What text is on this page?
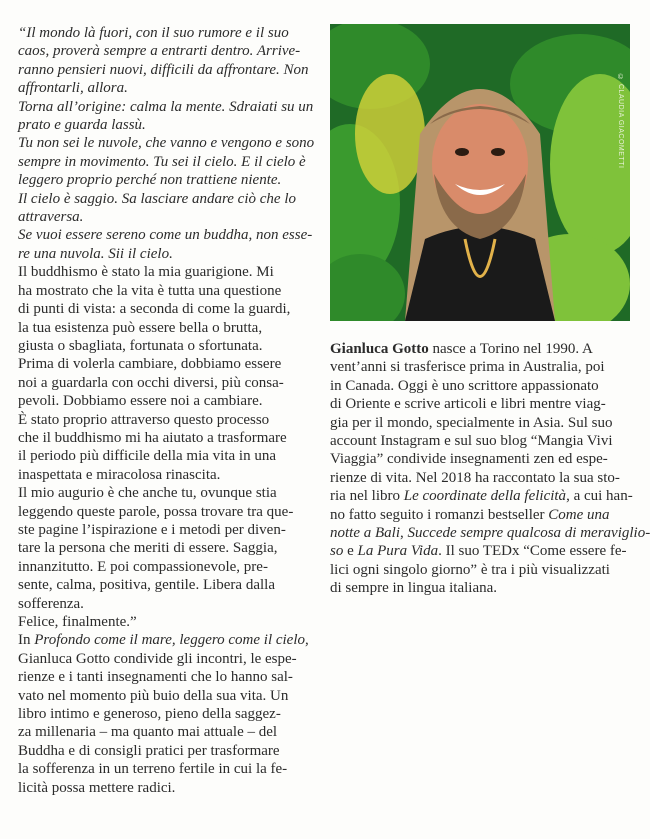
“Il mondo là fuori, con il suo rumore e il suo
caos, proverà sempre a entrarti dentro. Arrive-
ranno pensieri nuovi, difficili da affrontare. Non
affrontarli, allora.
Torna all’origine: calma la mente. Sdraiati su un
prato e guarda lassù.
Tu non sei le nuvole, che vanno e vengono e sono
sempre in movimento. Tu sei il cielo. E il cielo è
leggero proprio perché non trattiene niente.
Il cielo è saggio. Sa lasciare andare ciò che lo
attraversa.
Se vuoi essere sereno come un buddha, non esse-
re una nuvola. Sii il cielo.
Il buddhismo è stato la mia guarigione. Mi
ha mostrato che la vita è tutta una questione
di punti di vista: a seconda di come la guardi,
la tua esistenza può essere bella o brutta,
giusta o sbagliata, fortunata o sfortunata.
Prima di volerla cambiare, dobbiamo essere
noi a guardarla con occhi diversi, più consa-
pevoli. Dobbiamo essere noi a cambiare.
È stato proprio attraverso questo processo
che il buddhismo mi ha aiutato a trasformare
il periodo più difficile della mia vita in una
inaspettata e miracolosa rinascita.
Il mio augurio è che anche tu, ovunque stia
leggendo queste parole, possa trovare tra que-
ste pagine l’ispirazione e i metodi per diven-
tare la persona che meriti di essere. Saggia,
innanzitutto. E poi compassionevole, pre-
sente, calma, positiva, gentile. Libera dalla
sofferenza.
Felice, finalmente.”
In Profondo come il mare, leggero come il cielo,
Gianluca Gotto condivide gli incontri, le espe-
rienze e i tanti insegnamenti che lo hanno sal-
vato nel momento più buio della sua vita. Un
libro intimo e generoso, pieno della saggez-
za millenaria – ma quanto mai attuale – del
Buddha e di consigli pratici per trasformare
la sofferenza in un terreno fertile in cui la fe-
licità possa mettere radici.
© CLAUDIA GIACOMETTI
Gianluca Gotto nasce a Torino nel 1990. A
vent’anni si trasferisce prima in Australia, poi
in Canada. Oggi è uno scrittore appassionato
di Oriente e scrive articoli e libri mentre viag-
gia per il mondo, specialmente in Asia. Sul suo
account Instagram e sul suo blog “Mangia Vivi
Viaggia” condivide insegnamenti zen ed espe-
rienze di vita. Nel 2018 ha raccontato la sua sto-
ria nel libro Le coordinate della felicità, a cui han-
no fatto seguito i romanzi bestseller Come una
notte a Bali, Succede sempre qualcosa di meraviglio-
so e La Pura Vida. Il suo TEDx “Come essere fe-
lici ogni singolo giorno” è tra i più visualizzati
di sempre in lingua italiana.
